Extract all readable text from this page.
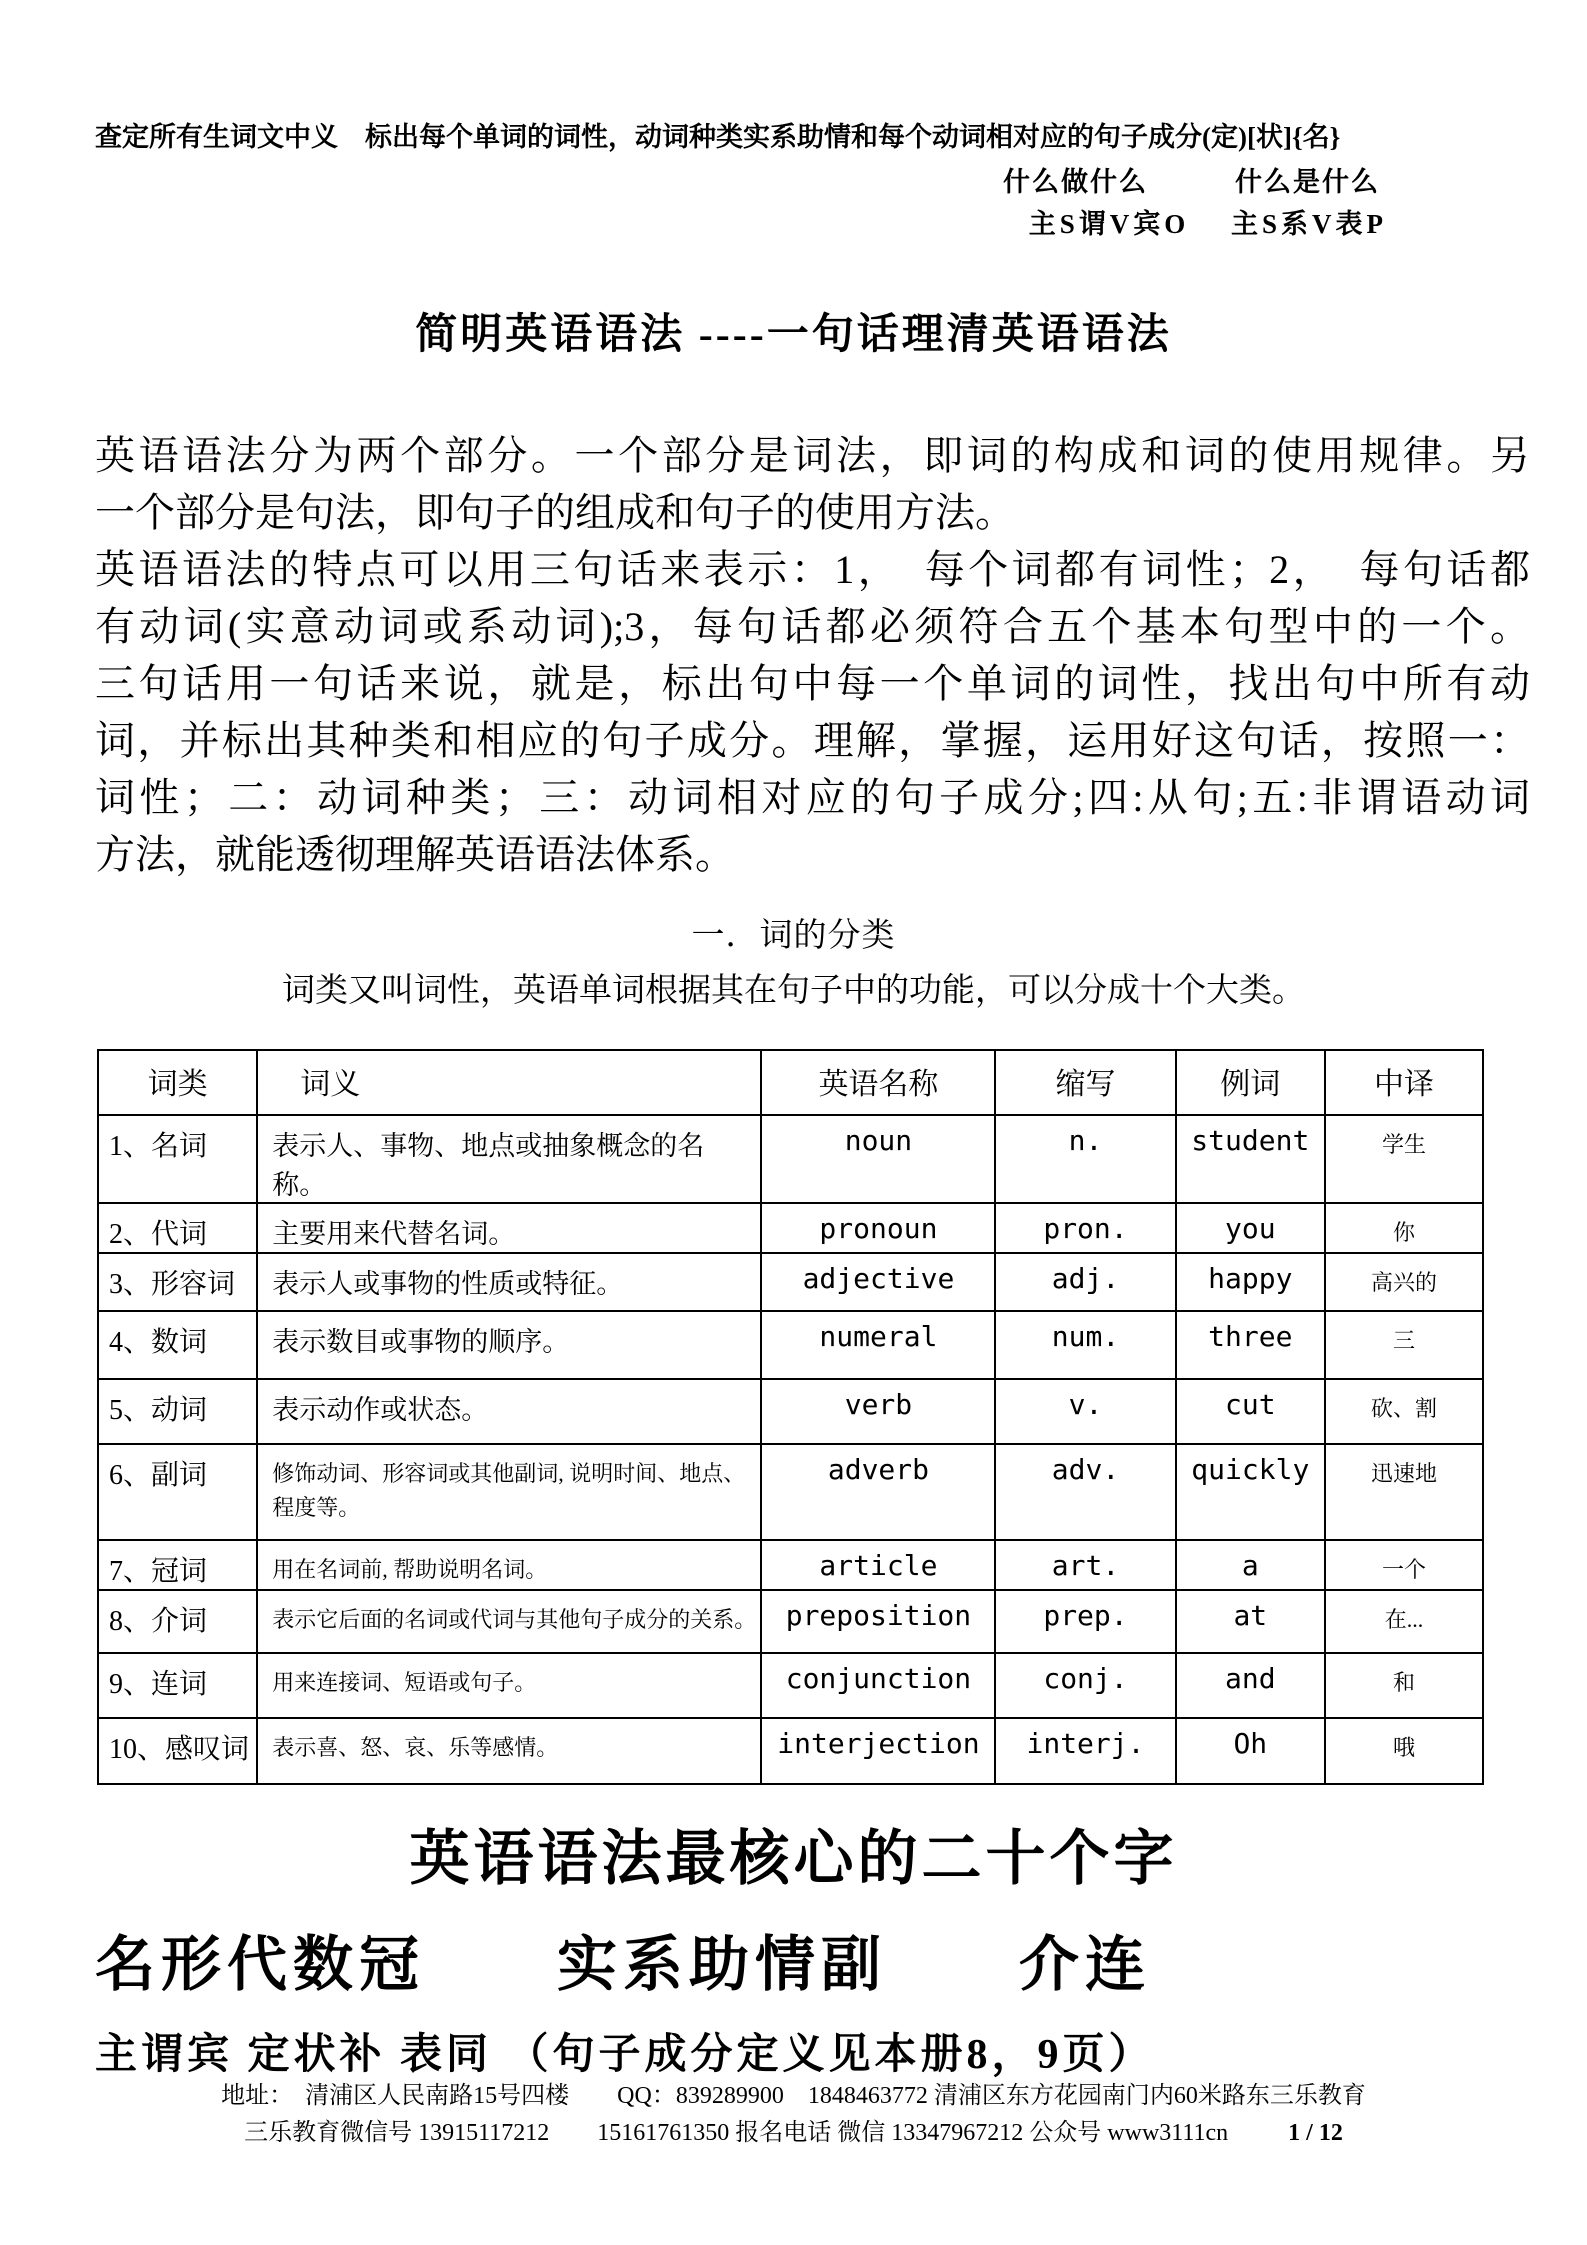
查定所有生词文中义　标出每个单词的词性，动词种类实系助情和每个动词相对应的句子成分(定)[状]{名}
什么做什么　　　什么是什么
主S谓V宾O　 主S系V表P
简明英语语法 ----一句话理清英语语法
英语语法分为两个部分。一个部分是词法，即词的构成和词的使用规律。另
一个部分是句法，即句子的组成和句子的使用方法。
英语语法的特点可以用三句话来表示：1，　每个词都有词性；2，　每句话都
有动词(实意动词或系动词);3，每句话都必须符合五个基本句型中的一个。
三句话用一句话来说，就是，标出句中每一个单词的词性，找出句中所有动
词，并标出其种类和相应的句子成分。理解，掌握，运用好这句话，按照一：
词性；二：动词种类；三：动词相对应的句子成分;四:从句;五:非谓语动词
方法，就能透彻理解英语语法体系。
一．词的分类
词类又叫词性，英语单词根据其在句子中的功能，可以分成十个大类。
词类	词义	英语名称	缩写	例词	中译
1、名词	表示人、事物、地点或抽象概念的名称。	noun	n.	student	学生
2、代词	主要用来代替名词。	pronoun	pron.	you	你
3、形容词	表示人或事物的性质或特征。	adjective	adj.	happy	高兴的
4、数词	表示数目或事物的顺序。	numeral	num.	three	三
5、动词	表示动作或状态。	verb	v.	cut	砍、割
6、副词	修饰动词、形容词或其他副词, 说明时间、地点、程度等。	adverb	adv.	quickly	迅速地
7、冠词	用在名词前, 帮助说明名词。	article	art.	a	一个
8、介词	表示它后面的名词或代词与其他句子成分的关系。	preposition	prep.	at	在...
9、连词	用来连接词、短语或句子。	conjunction	conj.	and	和
10、感叹词	表示喜、怒、哀、乐等感情。	interjection	interj.	Oh	哦
英语语法最核心的二十个字
名形代数冠　　实系助情副　　介连
主谓宾 定状补 表同 （句子成分定义见本册8，9页）
地址：　清浦区人民南路15号四楼　　QQ：839289900　1848463772 清浦区东方花园南门内60米路东三乐教育
三乐教育微信号 13915117212　　15161761350 报名电话 微信 13347967212 公众号 www3111cn	1 / 12
